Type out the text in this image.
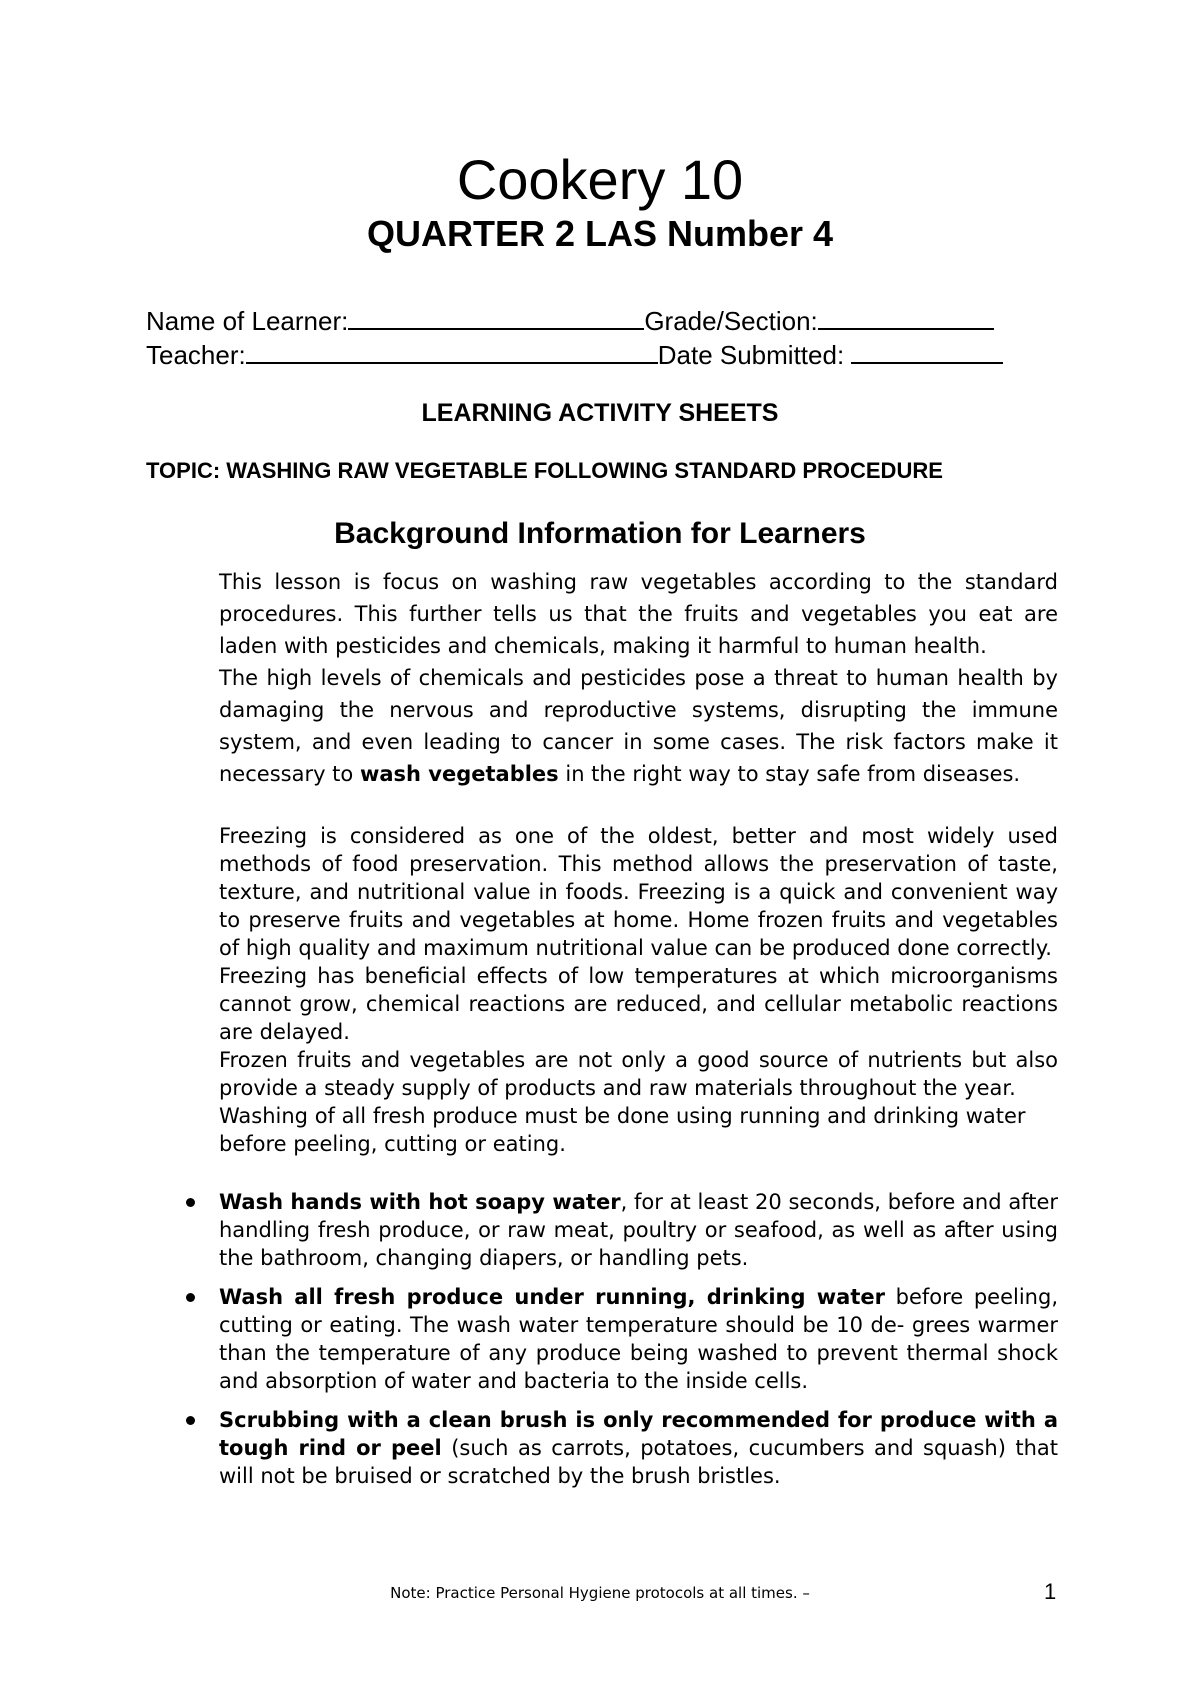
Cookery 10
QUARTER 2 LAS Number 4
Name of Learner:	Grade/Section:
Teacher:	Date Submitted:
LEARNING ACTIVITY SHEETS
TOPIC: WASHING RAW VEGETABLE FOLLOWING STANDARD PROCEDURE
Background Information for Learners

This lesson is focus on washing raw vegetables according to the standard procedures. This further tells us that the fruits and vegetables you eat are laden with pesticides and chemicals, making it harmful to human health.

The high levels of chemicals and pesticides pose a threat to human health by damaging the nervous and reproductive systems, disrupting the immune system, and even leading to cancer in some cases. The risk factors make it necessary to wash vegetables in the right way to stay safe from diseases.

Freezing is considered as one of the oldest, better and most widely used methods of food preservation. This method allows the preservation of taste, texture, and nutritional value in foods. Freezing is a quick and convenient way to preserve fruits and vegetables at home. Home frozen fruits and vegetables of high quality and maximum nutritional value can be produced done correctly.

Freezing has beneficial effects of low temperatures at which microorganisms cannot grow, chemical reactions are reduced, and cellular metabolic reactions are delayed.

Frozen fruits and vegetables are not only a good source of nutrients but also provide a steady supply of products and raw materials throughout the year.

Washing of all fresh produce must be done using running and drinking water before peeling, cutting or eating.

Wash hands with hot soapy water, for at least 20 seconds, before and after handling fresh produce, or raw meat, poultry or seafood, as well as after using the bathroom, changing diapers, or handling pets.
Wash all fresh produce under running, drinking water before peeling, cutting or eating. The wash water temperature should be 10 de- grees warmer than the temperature of any produce being washed to prevent thermal shock and absorption of water and bacteria to the inside cells.
Scrubbing with a clean brush is only recommended for produce with a tough rind or peel (such as carrots, potatoes, cucumbers and squash) that will not be bruised or scratched by the brush bristles.
Note: Practice Personal Hygiene protocols at all times. –	1
